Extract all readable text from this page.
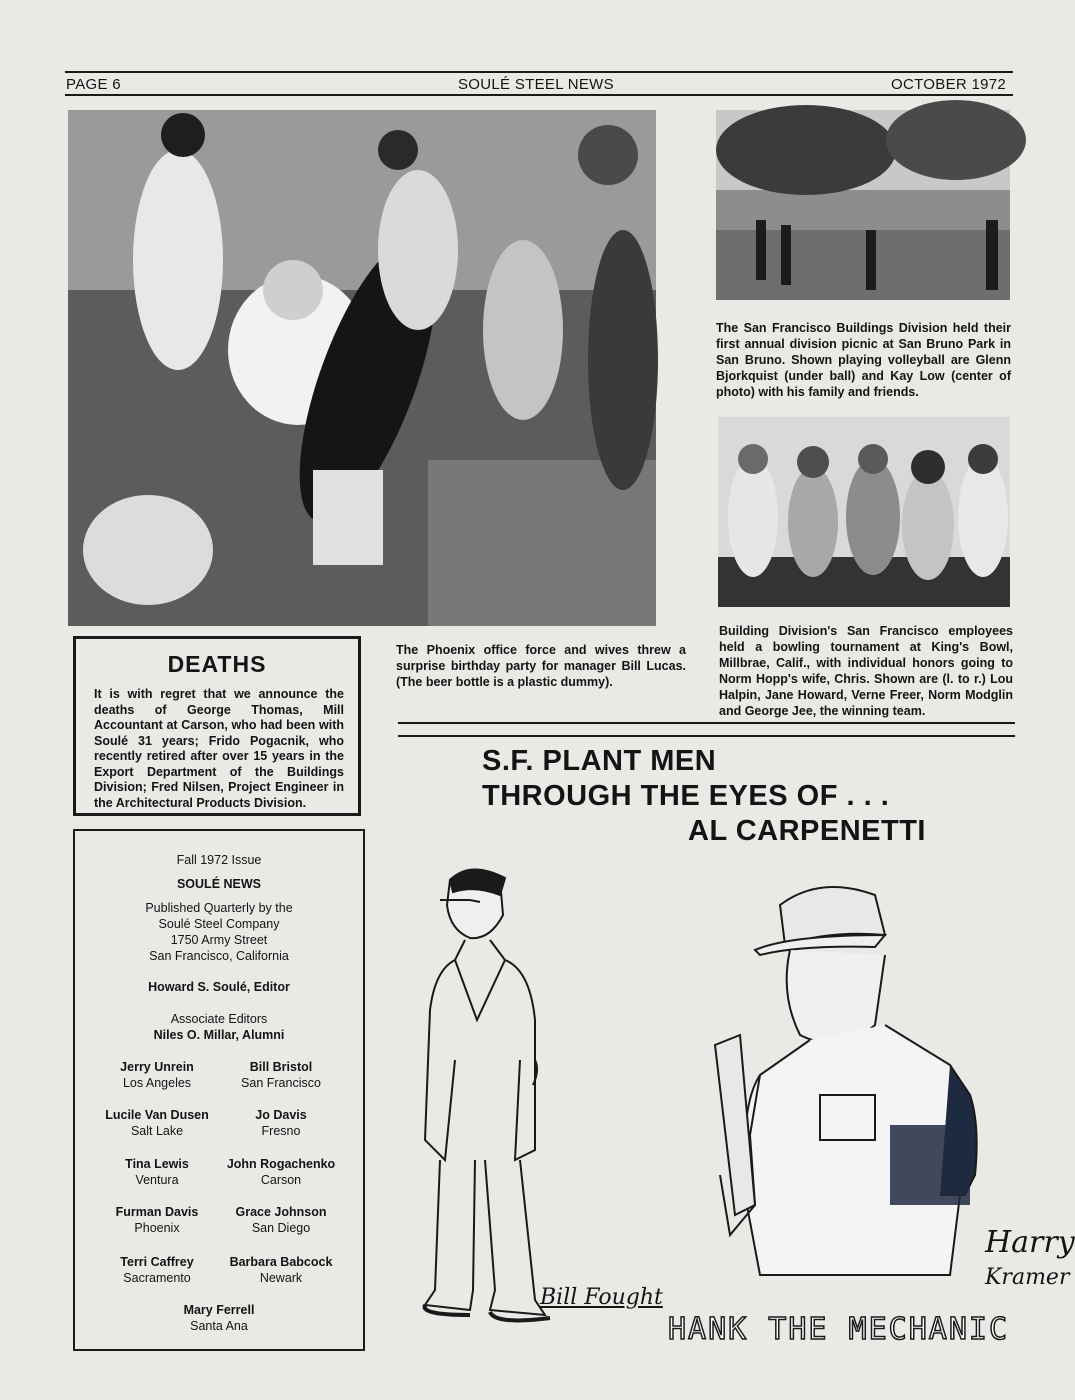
PAGE 6	SOULÉ STEEL NEWS	OCTOBER 1972
The San Francisco Buildings Division held their first annual division picnic at San Bruno Park in San Bruno. Shown playing volleyball are Glenn Bjorkquist (under ball) and Kay Low (center of photo) with his family and friends.
Building Division's San Francisco employees held a bowling tournament at King's Bowl, Millbrae, Calif., with individual honors going to Norm Hopp's wife, Chris. Shown are (l. to r.) Lou Halpin, Jane Howard, Verne Freer, Norm Modglin and George Jee, the winning team.
The Phoenix office force and wives threw a surprise birthday party for manager Bill Lucas. (The beer bottle is a plastic dummy).
DEATHS
It is with regret that we announce the deaths of George Thomas, Mill Accountant at Carson, who had been with Soulé 31 years; Frido Pogacnik, who recently retired after over 15 years in the Export Department of the Buildings Division; Fred Nilsen, Project Engineer in the Architectural Products Division.
S.F. PLANT MEN
THROUGH THE EYES OF . . .
AL CARPENETTI
Fall 1972 Issue
SOULÉ NEWS
Published Quarterly by the
Soulé Steel Company
1750 Army Street
San Francisco, California
Howard S. Soulé, Editor
Associate Editors
Niles O. Millar, Alumni
Jerry Unrein
Los Angeles
Bill Bristol
San Francisco
Lucile Van Dusen
Salt Lake
Jo Davis
Fresno
Tina Lewis
Ventura
John Rogachenko
Carson
Furman Davis
Phoenix
Grace Johnson
San Diego
Terri Caffrey
Sacramento
Barbara Babcock
Newark
Mary Ferrell
Santa Ana
Bill Fought
HANK THE MECHANIC
Harry
Kramer
